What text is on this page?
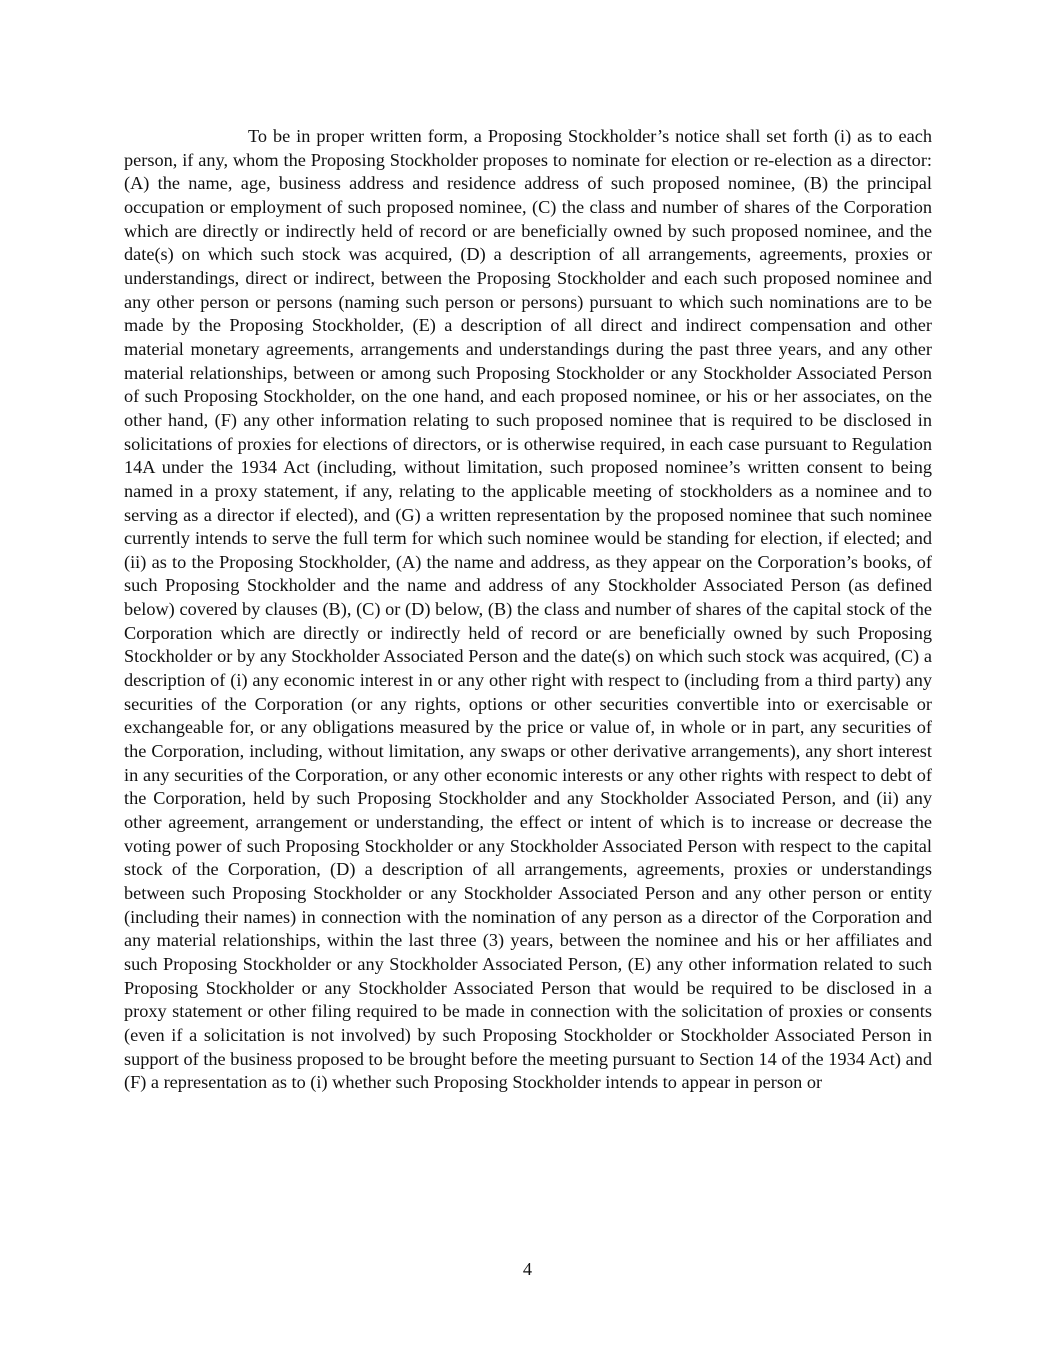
To be in proper written form, a Proposing Stockholder’s notice shall set forth (i) as to each person, if any, whom the Proposing Stockholder proposes to nominate for election or re-election as a director: (A) the name, age, business address and residence address of such proposed nominee, (B) the principal occupation or employment of such proposed nominee, (C) the class and number of shares of the Corporation which are directly or indirectly held of record or are beneficially owned by such proposed nominee, and the date(s) on which such stock was acquired, (D) a description of all arrangements, agreements, proxies or understandings, direct or indirect, between the Proposing Stockholder and each such proposed nominee and any other person or persons (naming such person or persons) pursuant to which such nominations are to be made by the Proposing Stockholder, (E) a description of all direct and indirect compensation and other material monetary agreements, arrangements and understandings during the past three years, and any other material relationships, between or among such Proposing Stockholder or any Stockholder Associated Person of such Proposing Stockholder, on the one hand, and each proposed nominee, or his or her associates, on the other hand, (F) any other information relating to such proposed nominee that is required to be disclosed in solicitations of proxies for elections of directors, or is otherwise required, in each case pursuant to Regulation 14A under the 1934 Act (including, without limitation, such proposed nominee’s written consent to being named in a proxy statement, if any, relating to the applicable meeting of stockholders as a nominee and to serving as a director if elected), and (G) a written representation by the proposed nominee that such nominee currently intends to serve the full term for which such nominee would be standing for election, if elected; and (ii) as to the Proposing Stockholder, (A) the name and address, as they appear on the Corporation’s books, of such Proposing Stockholder and the name and address of any Stockholder Associated Person (as defined below) covered by clauses (B), (C) or (D) below, (B) the class and number of shares of the capital stock of the Corporation which are directly or indirectly held of record or are beneficially owned by such Proposing Stockholder or by any Stockholder Associated Person and the date(s) on which such stock was acquired, (C) a description of (i) any economic interest in or any other right with respect to (including from a third party) any securities of the Corporation (or any rights, options or other securities convertible into or exercisable or exchangeable for, or any obligations measured by the price or value of, in whole or in part, any securities of the Corporation, including, without limitation, any swaps or other derivative arrangements), any short interest in any securities of the Corporation, or any other economic interests or any other rights with respect to debt of the Corporation, held by such Proposing Stockholder and any Stockholder Associated Person, and (ii) any other agreement, arrangement or understanding, the effect or intent of which is to increase or decrease the voting power of such Proposing Stockholder or any Stockholder Associated Person with respect to the capital stock of the Corporation, (D) a description of all arrangements, agreements, proxies or understandings between such Proposing Stockholder or any Stockholder Associated Person and any other person or entity (including their names) in connection with the nomination of any person as a director of the Corporation and any material relationships, within the last three (3) years, between the nominee and his or her affiliates and such Proposing Stockholder or any Stockholder Associated Person, (E) any other information related to such Proposing Stockholder or any Stockholder Associated Person that would be required to be disclosed in a proxy statement or other filing required to be made in connection with the solicitation of proxies or consents (even if a solicitation is not involved) by such Proposing Stockholder or Stockholder Associated Person in support of the business proposed to be brought before the meeting pursuant to Section 14 of the 1934 Act) and (F) a representation as to (i) whether such Proposing Stockholder intends to appear in person or

4
